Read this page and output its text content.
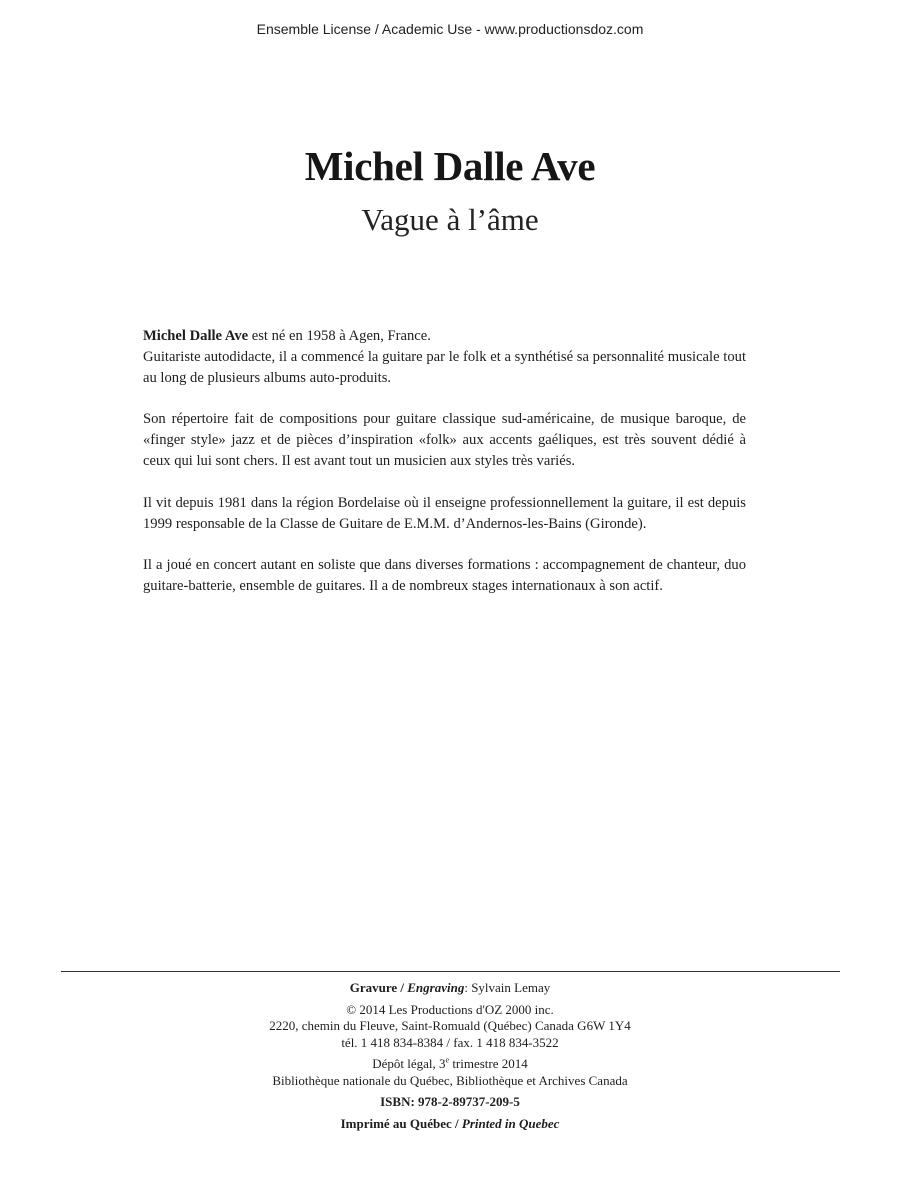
Ensemble License / Academic Use - www.productionsdoz.com
Michel Dalle Ave
Vague à l’âme

Michel Dalle Ave est né en 1958 à Agen, France.
Guitariste autodidacte, il a commencé la guitare par le folk et a synthétisé sa personnalité musicale tout au long de plusieurs albums auto-produits.

Son répertoire fait de compositions pour guitare classique sud-américaine, de musique baroque, de «finger style» jazz et de pièces d’inspiration «folk» aux accents gaéliques, est très souvent dédié à ceux qui lui sont chers. Il est avant tout un musicien aux styles très variés.

Il vit depuis 1981 dans la région Bordelaise où il enseigne professionnellement la guitare, il est depuis 1999 responsable de la Classe de Guitare de E.M.M. d’Andernos-les-Bains (Gironde).

Il a joué en concert autant en soliste que dans diverses formations : accompagnement de chanteur, duo guitare-batterie, ensemble de guitares. Il a de nombreux stages internationaux à son actif.

Gravure / Engraving: Sylvain Lemay
© 2014 Les Productions d'OZ 2000 inc.
2220, chemin du Fleuve, Saint-Romuald (Québec) Canada G6W 1Y4
tél. 1 418 834-8384 / fax. 1 418 834-3522
Dépôt légal, 3e trimestre 2014
Bibliothèque nationale du Québec, Bibliothèque et Archives Canada
ISBN: 978-2-89737-209-5
Imprimé au Québec / Printed in Quebec
